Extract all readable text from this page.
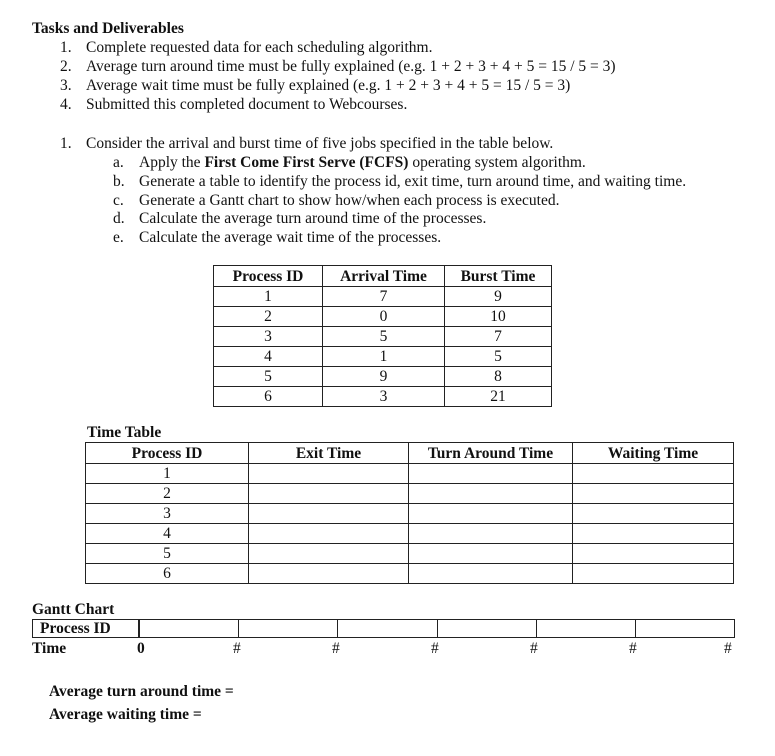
Tasks and Deliverables
1. Complete requested data for each scheduling algorithm.
2. Average turn around time must be fully explained (e.g. 1 + 2 + 3 + 4 + 5 = 15 / 5 = 3)
3. Average wait time must be fully explained (e.g. 1 + 2 + 3 + 4 + 5 = 15 / 5 = 3)
4. Submitted this completed document to Webcourses.
1. Consider the arrival and burst time of five jobs specified in the table below.
a. Apply the First Come First Serve (FCFS) operating system algorithm.
b. Generate a table to identify the process id, exit time, turn around time, and waiting time.
c. Generate a Gantt chart to show how/when each process is executed.
d. Calculate the average turn around time of the processes.
e. Calculate the average wait time of the processes.
Process ID	Arrival Time	Burst Time
1	7	9
2	0	10
3	5	7
4	1	5
5	9	8
6	3	21
Time Table
Process ID	Exit Time	Turn Around Time	Waiting Time
1			
2			
3			
4			
5			
6			
Gantt Chart
Process ID
Time	0	#	#	#	#	#	#
Average turn around time =
Average waiting time =
